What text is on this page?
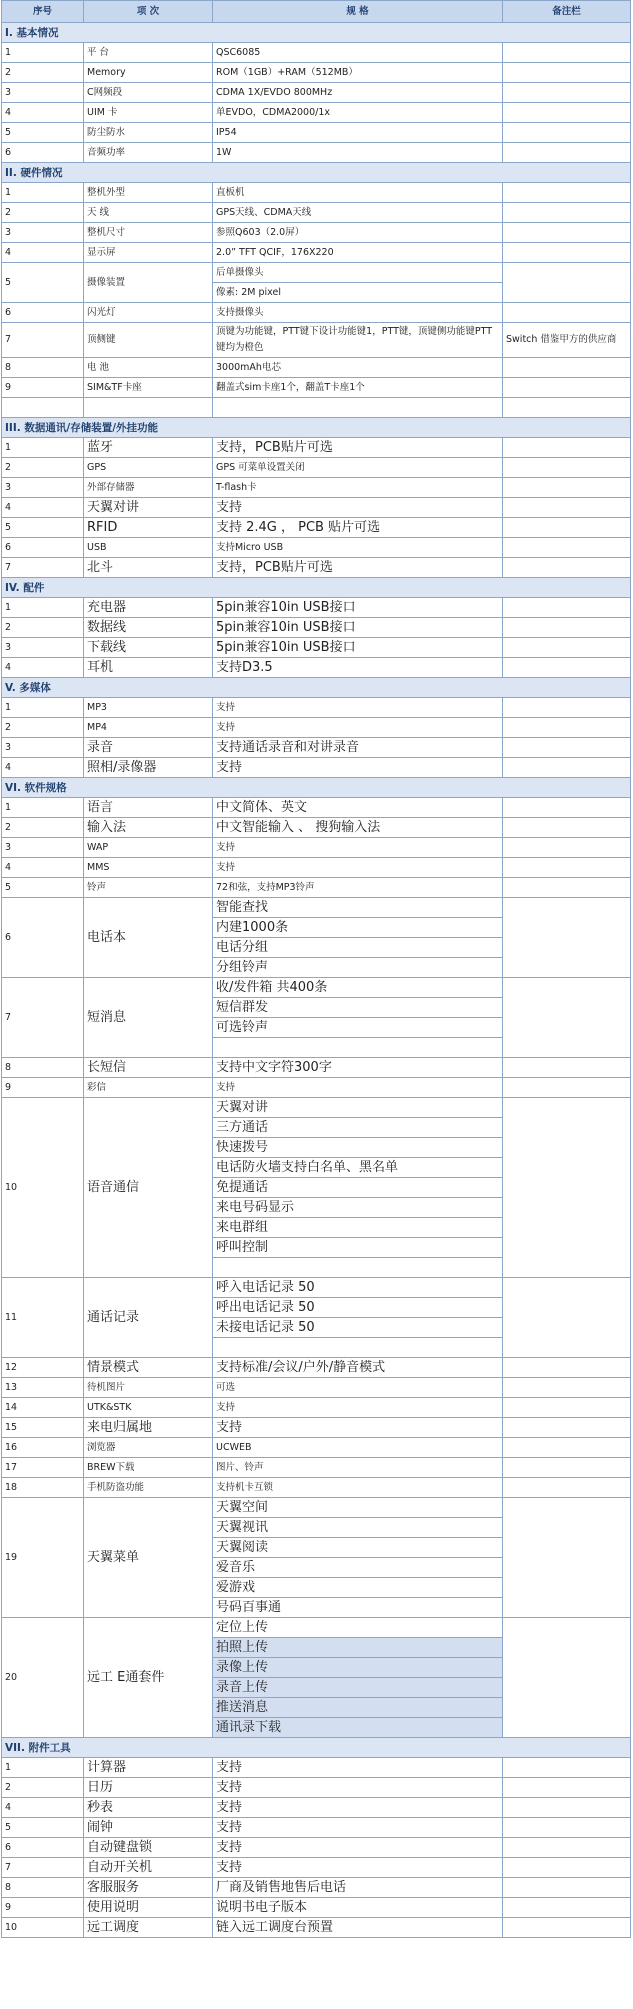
序号	项 次	规 格	备注栏
I. 基本情况			
1	平 台	QSC6085	
2	Memory	ROM（1GB）+RAM（512MB）	
3	C网频段	CDMA 1X/EVDO 800MHz	
4	UIM 卡	单EVDO，CDMA2000/1x	
5	防尘防水	IP54	
6	音频功率	1W	
II. 硬件情况			
1	整机外型	直板机	
2	天 线	GPS天线、CDMA天线	
3	整机尺寸	参照Q603（2.0屏）	
4	显示屏	2.0” TFT QCIF，176X220	
5	摄像装置	后单摄像头	
		像素: 2M pixel	
6	闪光灯	支持摄像头	
7	顶侧键	顶键为功能键，PTT键下设计功能键1，PTT键，顶键侧功能键PTT键均为橙色	Switch 借鉴甲方的供应商
8	电 池	3000mAh电芯	
9	SIM&TF卡座	翻盖式sim卡座1个，翻盖T卡座1个	

III. 数据通讯/存储装置/外挂功能			
1	蓝牙	支持，PCB贴片可选	
2	GPS	GPS 可菜单设置关闭	
3	外部存储器	T-flash卡	
4	天翼对讲	支持	
5	RFID	支持 2.4G ， PCB 贴片可选	
6	USB	支持Micro USB	
7	北斗	支持，PCB贴片可选	
IV. 配件			
1	充电器	5pin兼容10in USB接口	
2	数据线	5pin兼容10in USB接口	
3	下载线	5pin兼容10in USB接口	
4	耳机	支持D3.5	
V. 多媒体			
1	MP3	支持	
2	MP4	支持	
3	录音	支持通话录音和对讲录音	
4	照相/录像器	支持	
VI. 软件规格			
1	语言	中文简体、英文	
2	输入法	中文智能输入 、 搜狗输入法	
3	WAP	支持	
4	MMS	支持	
5	铃声	72和弦，支持MP3铃声	
6	电话本	智能查找	
		内建1000条	
		电话分组	
		分组铃声	
7	短消息	收/发件箱 共400条	
		短信群发	
		可选铃声	

8	长短信	支持中文字符300字	
9	彩信	支持	
10	语音通信	天翼对讲	
		三方通话	
		快速拨号	
		电话防火墙支持白名单、黑名单	
		免提通话	
		来电号码显示	
		来电群组	
		呼叫控制	

11	通话记录	呼入电话记录 50	
		呼出电话记录 50	
		未接电话记录 50	

12	情景模式	支持标准/会议/户外/静音模式	
13	待机图片	可选	
14	UTK&STK	支持	
15	来电归属地	支持	
16	浏览器	UCWEB	
17	BREW下载	图片、铃声	
18	手机防盗功能	支持机卡互锁	
19	天翼菜单	天翼空间	
		天翼视讯	
		天翼阅读	
		爱音乐	
		爱游戏	
		号码百事通	
20	远工 E通套件	定位上传	
		拍照上传	
		录像上传	
		录音上传	
		推送消息	
		通讯录下载	
VII. 附件工具			
1	计算器	支持	
2	日历	支持	
4	秒表	支持	
5	闹钟	支持	
6	自动键盘锁	支持	
7	自动开关机	支持	
8	客服服务	厂商及销售地售后电话	
9	使用说明	说明书电子版本	
10	远工调度	链入远工调度台预置	
